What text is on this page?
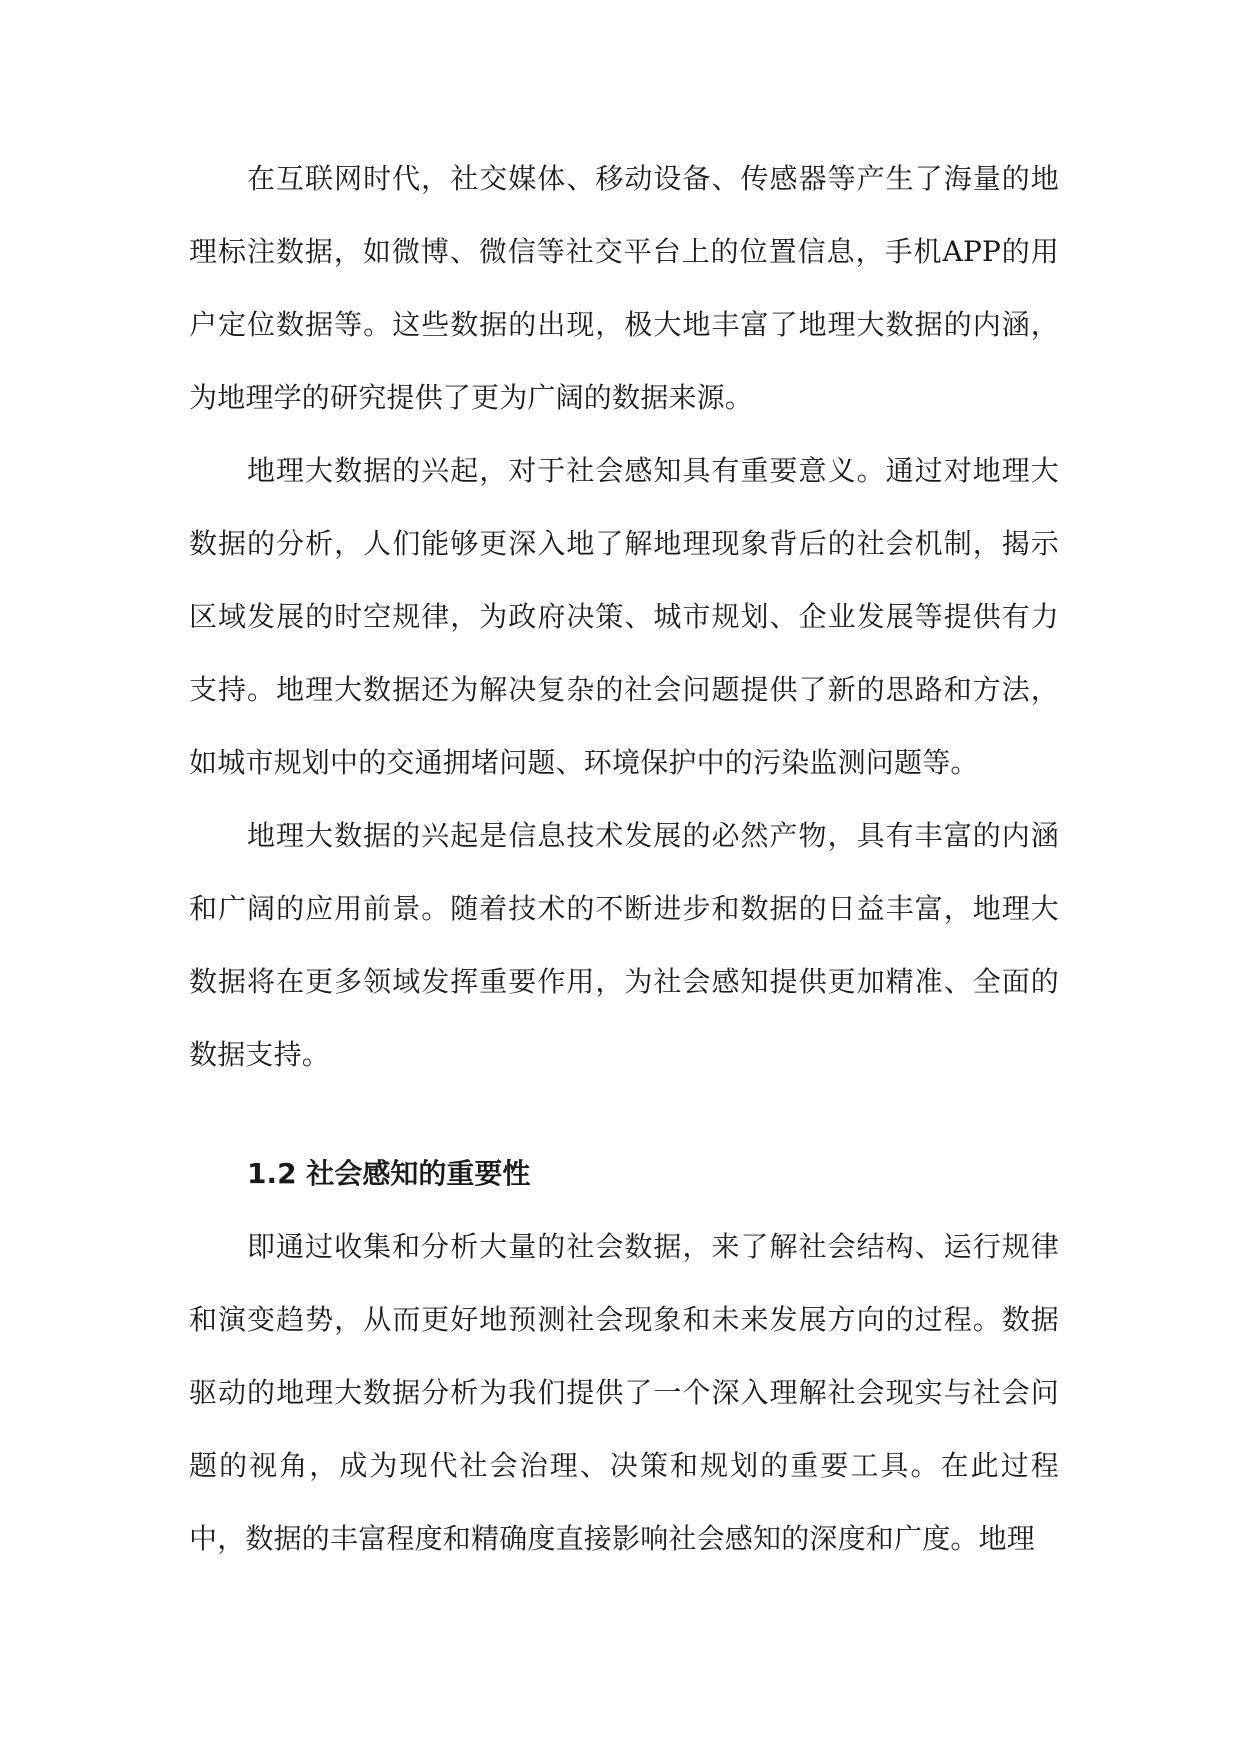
在互联网时代，社交媒体、移动设备、传感器等产生了海量的地理标注数据，如微博、微信等社交平台上的位置信息，手机APP的用户定位数据等。这些数据的出现，极大地丰富了地理大数据的内涵，为地理学的研究提供了更为广阔的数据来源。

地理大数据的兴起，对于社会感知具有重要意义。通过对地理大数据的分析，人们能够更深入地了解地理现象背后的社会机制，揭示区域发展的时空规律，为政府决策、城市规划、企业发展等提供有力支持。地理大数据还为解决复杂的社会问题提供了新的思路和方法，如城市规划中的交通拥堵问题、环境保护中的污染监测问题等。

地理大数据的兴起是信息技术发展的必然产物，具有丰富的内涵和广阔的应用前景。随着技术的不断进步和数据的日益丰富，地理大数据将在更多领域发挥重要作用，为社会感知提供更加精准、全面的数据支持。

1.2 社会感知的重要性

即通过收集和分析大量的社会数据，来了解社会结构、运行规律和演变趋势，从而更好地预测社会现象和未来发展方向的过程。数据驱动的地理大数据分析为我们提供了一个深入理解社会现实与社会问题的视角，成为现代社会治理、决策和规划的重要工具。在此过程中，数据的丰富程度和精确度直接影响社会感知的深度和广度。地理
